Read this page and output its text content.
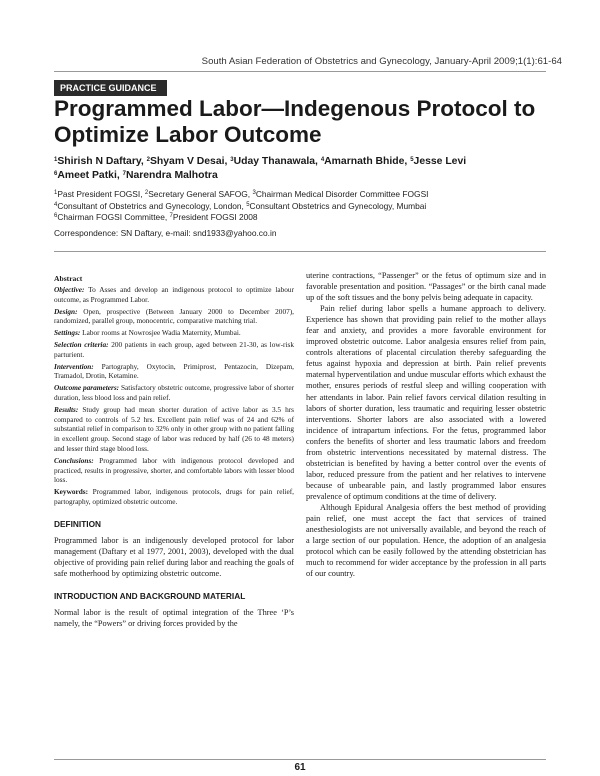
South Asian Federation of Obstetrics and Gynecology, January-April 2009;1(1):61-64
PRACTICE GUIDANCE
Programmed Labor—Indegenous Protocol to Optimize Labor Outcome
$^1$Shirish N Daftary, $^2$Shyam V Desai, $^3$Uday Thanawala, $^4$Amarnath Bhide, $^5$Jesse Levi
$^6$Ameet Patki, $^7$Narendra Malhotra
$^1$Past President FOGSI, $^2$Secretary General SAFOG, $^3$Chairman Medical Disorder Committee FOGSI
$^4$Consultant of Obstetrics and Gynecology, London, $^5$Consultant Obstetrics and Gynecology, Mumbai
$^6$Chairman FOGSI Committee, $^7$President FOGSI 2008
Correspondence: SN Daftary, e-mail: snd1933@yahoo.co.in
Abstract

Objective: To Asses and develop an indigenous protocol to optimize labour outcome, as Programmed Labor.

Design: Open, prospective (Between January 2000 to December 2007), randomized, parallel group, monocentric, comparative matching trial.

Settings: Labor rooms at Nowrosjee Wadia Maternity, Mumbai.

Selection criteria: 200 patients in each group, aged between 21-30, as low-risk parturient.

Intervention: Partography, Oxytocin, Primiprost, Pentazocin, Dizepam, Tramadol, Drotin, Ketamine.

Outcome parameters: Satisfactory obstetric outcome, progressive labor of shorter duration, less blood loss and pain relief.

Results: Study group had mean shorter duration of active labor as 3.5 hrs compared to controls of 5.2 hrs. Excellent pain relief was of 24 and 62% of substantial relief in comparison to 32% only in other group with no patient falling in excellent group. Second stage of labor was reduced by half (26 to 48 meters) and lesser third stage blood loss.

Conclusions: Programmed labor with indigenous protocol developed and practiced, results in progressive, shorter, and comfortable labors with lesser blood loss.

Keywords: Programmed labor, indigenous protocols, drugs for pain relief, partography, optimized obstetric outcome.

DEFINITION

Programmed labor is an indigenously developed protocol for labor management (Daftary et al 1977, 2001, 2003), developed with the dual objective of providing pain relief during labor and reaching the goals of safe motherhood by optimizing obstetric outcome.

INTRODUCTION AND BACKGROUND MATERIAL

Normal labor is the result of optimal integration of the Three ‘P’s namely, the “Powers” or driving forces provided by the

uterine contractions, “Passenger” or the fetus of optimum size and in favorable presentation and position. “Passages” or the birth canal made up of the soft tissues and the bony pelvis being adequate in capacity.

Pain relief during labor spells a humane approach to delivery. Experience has shown that providing pain relief to the mother allays fear and anxiety, and provides a more favorable environment for improved obstetric outcome. Labor analgesia ensures relief from pain, controls alterations of placental circulation thereby safeguarding the fetus against hypoxia and depression at birth. Pain relief prevents maternal hyperventilation and undue muscular efforts which exhaust the mother, ensures periods of restful sleep and willing cooperation with her attendants in labor. Pain relief favors cervical dilation resulting in labors of shorter duration, less traumatic and requiring lesser obstetric interventions. Shorter labors are also associated with a lowered incidence of intrapartum infections. For the fetus, programmed labor confers the benefits of shorter and less traumatic labors and freedom from obstetric interventions necessitated by maternal distress. The obstetrician is benefited by having a better control over the events of labor, reduced pressure from the patient and her relatives to intervene because of unbearable pain, and lastly programmed labor ensures prevalence of optimum conditions at the time of delivery.

Although Epidural Analgesia offers the best method of providing pain relief, one must accept the fact that services of trained anesthesiologists are not universally available, and beyond the reach of a large section of our population. Hence, the adoption of an analgesia protocol which can be easily followed by the attending obstetrician has much to recommend for wider acceptance by the profession in all parts of our country.

61
